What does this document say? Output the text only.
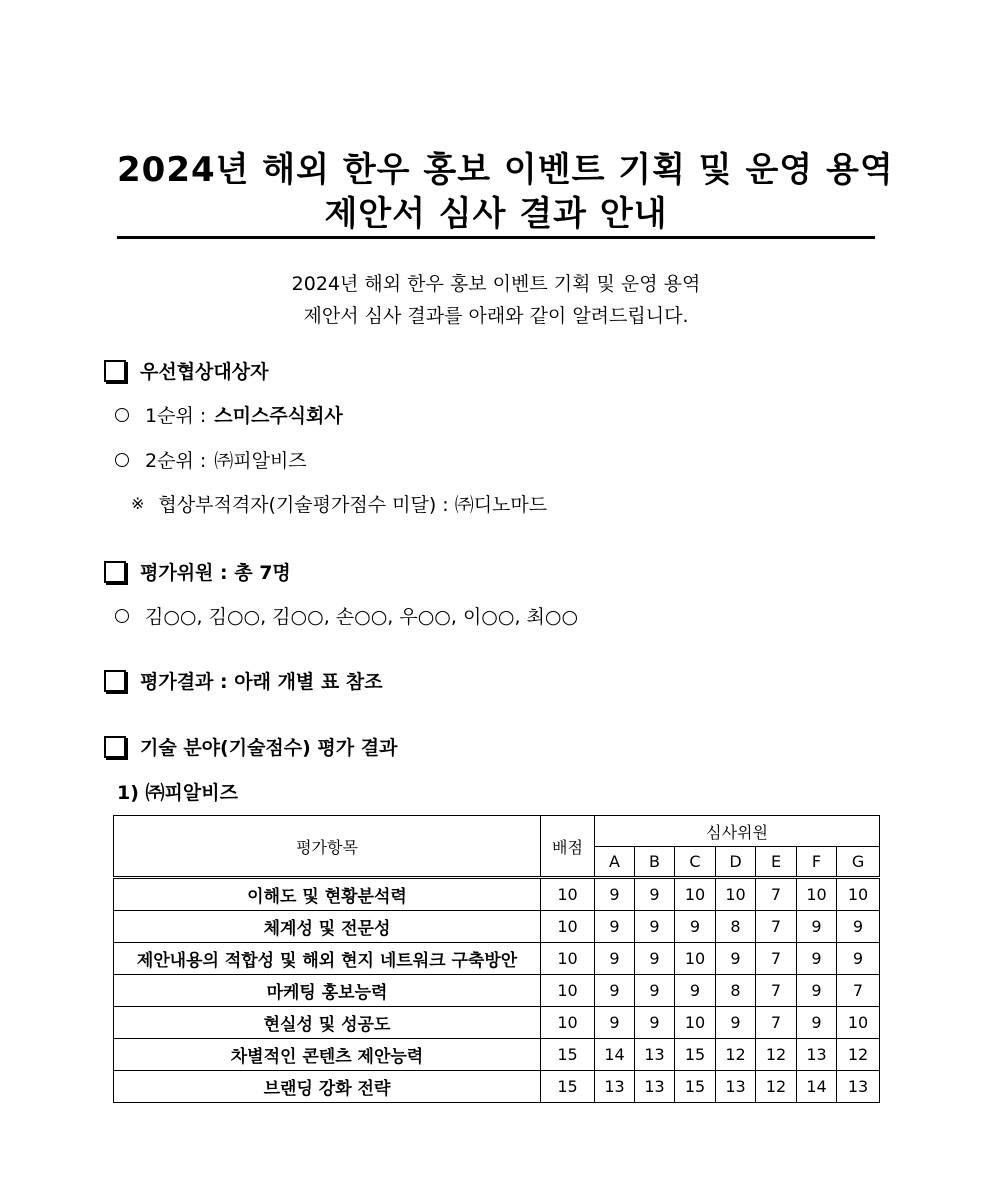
2024년 해외 한우 홍보 이벤트 기획 및 운영 용역
제안서 심사 결과 안내
2024년 해외 한우 홍보 이벤트 기획 및 운영 용역
제안서 심사 결과를 아래와 같이 알려드립니다.
우선협상대상자
1순위 : 스미스주식회사
2순위 : ㈜피알비즈
※ 협상부적격자(기술평가점수 미달) : ㈜디노마드
평가위원 : 총 7명
김○○, 김○○, 김○○, 손○○, 우○○, 이○○, 최○○
평가결과 : 아래 개별 표 참조
기술 분야(기술점수) 평가 결과
1) ㈜피알비즈
평가항목	배점	심사위원						
		A	B	C	D	E	F	G
이해도 및 현황분석력	10	9	9	10	10	7	10	10
체계성 및 전문성	10	9	9	9	8	7	9	9
제안내용의 적합성 및 해외 현지 네트워크 구축방안	10	9	9	10	9	7	9	9
마케팅 홍보능력	10	9	9	9	8	7	9	7
현실성 및 성공도	10	9	9	10	9	7	9	10
차별적인 콘텐츠 제안능력	15	14	13	15	12	12	13	12
브랜딩 강화 전략	15	13	13	15	13	12	14	13
